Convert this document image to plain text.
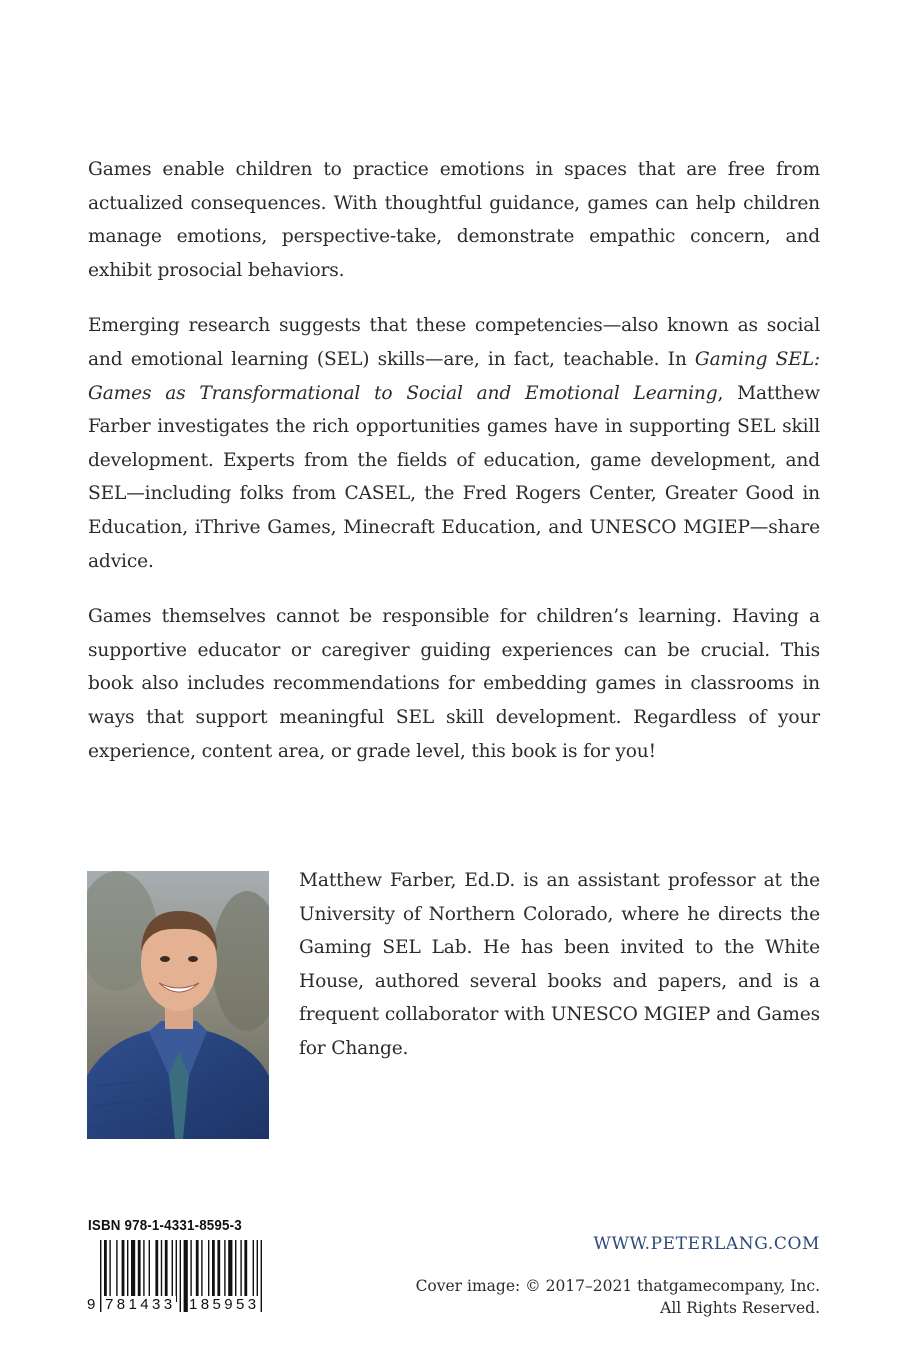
Games enable children to practice emotions in spaces that are free from actualized consequences. With thoughtful guidance, games can help children manage emotions, perspective-take, demonstrate empathic concern, and exhibit prosocial behaviors.

Emerging research suggests that these competencies—also known as social and emotional learning (SEL) skills—are, in fact, teachable. In Gaming SEL: Games as Transformational to Social and Emotional Learning, Matthew Farber investigates the rich opportunities games have in supporting SEL skill development. Experts from the fields of education, game development, and SEL—including folks from CASEL, the Fred Rogers Center, Greater Good in Education, iThrive Games, Minecraft Education, and UNESCO MGIEP—share advice.

Games themselves cannot be responsible for children’s learning. Having a supportive educator or caregiver guiding experiences can be crucial. This book also includes recommendations for embedding games in classrooms in ways that support meaningful SEL skill development. Regardless of your experience, content area, or grade level, this book is for you!

Matthew Farber, Ed.D. is an assistant professor at the University of Northern Colorado, where he directs the Gaming SEL Lab. He has been invited to the White House, authored several books and papers, and is a frequent collaborator with UNESCO MGIEP and Games for Change.

ISBN 978-1-4331-8595-3
9 781433 185953
WWW.PETERLANG.COM
Cover image: © 2017–2021 thatgamecompany, Inc.
All Rights Reserved.
